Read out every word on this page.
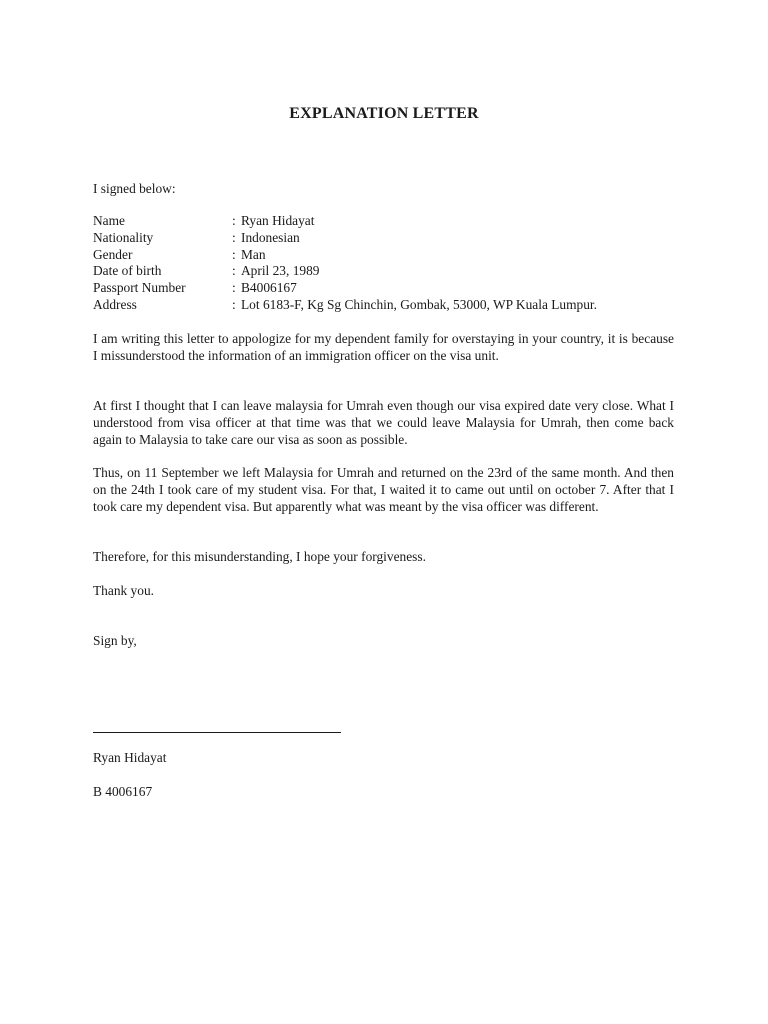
EXPLANATION LETTER
I signed below:
Name	: Ryan Hidayat
Nationality	: Indonesian
Gender	: Man
Date of birth	: April 23, 1989
Passport Number	: B4006167
Address	: Lot 6183-F, Kg Sg Chinchin, Gombak, 53000, WP Kuala Lumpur.

I am writing this letter to appologize for my dependent family for overstaying in your country, it is because I missunderstood the information of an immigration officer on the visa unit.

At first I thought that I can leave malaysia for Umrah even though our visa expired date very close. What I understood from visa officer at that time was that we could leave Malaysia for Umrah, then come back again to Malaysia to take care our visa as soon as possible.

Thus, on 11 September we left Malaysia for Umrah and returned on the 23rd of the same month. And then on the 24th I took care of my student visa. For that, I waited it to came out until on october 7. After that I took care my dependent visa. But apparently what was meant by the visa officer was different.

Therefore, for this misunderstanding, I hope your forgiveness.

Thank you.
Sign by,
Ryan Hidayat
B 4006167
